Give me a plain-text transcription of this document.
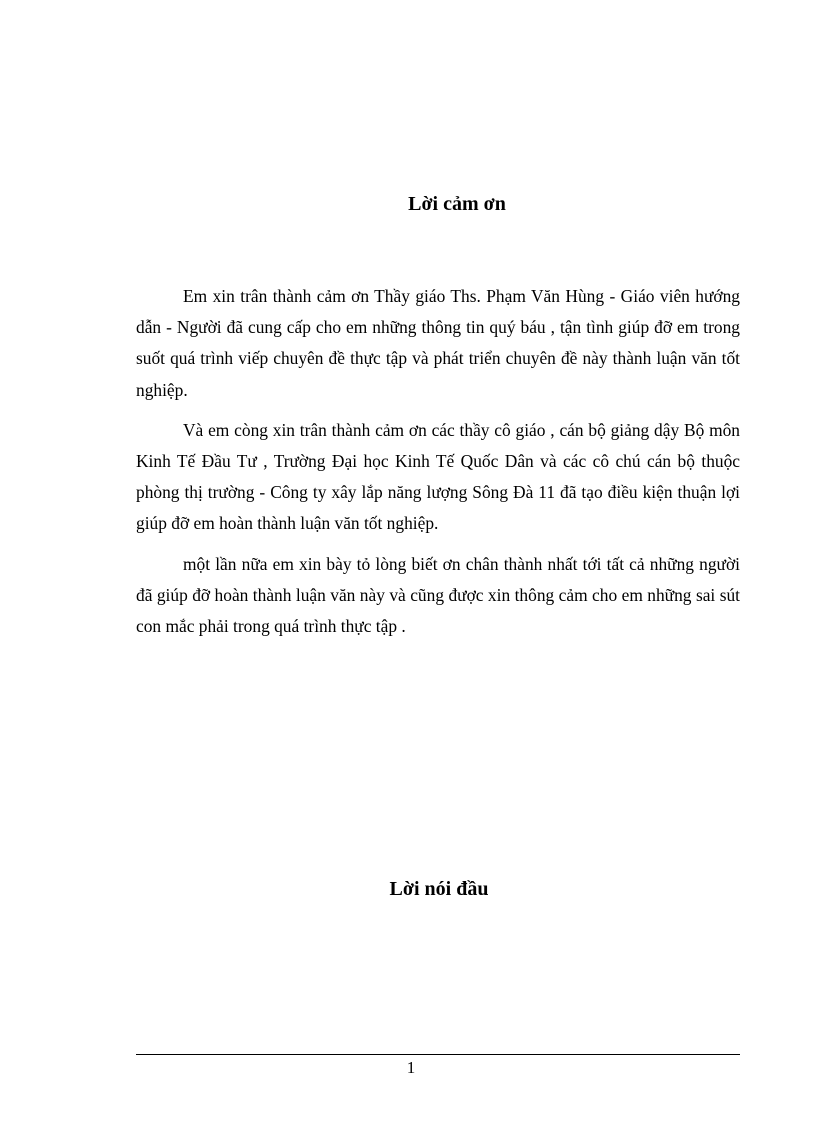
Lời cảm ơn

Em xin trân thành cảm ơn Thầy giáo Ths. Phạm Văn Hùng - Giáo viên hướng dẫn - Người đã cung cấp cho em những thông tin quý báu , tận tình giúp đỡ em trong suốt quá trình viếp chuyên đề thực tập và phát triển chuyên đề này thành luận văn tốt nghiệp.

Và em còng xin trân thành cảm ơn các thầy cô giáo , cán bộ giảng dậy Bộ môn Kinh Tế Đầu Tư , Trường Đại học Kinh Tế Quốc Dân và các cô chú cán bộ thuộc phòng thị trường - Công ty xây lắp năng lượng Sông Đà 11 đã tạo điều kiện thuận lợi giúp đỡ em hoàn thành luận văn tốt nghiệp.

một lần nữa em xin bày tỏ lòng biết ơn chân thành nhất tới tất cả những người đã giúp đỡ hoàn thành luận văn này và cũng được xin thông cảm cho em những sai sút con mắc phải trong quá trình thực tập .

Lời nói đầu
1
